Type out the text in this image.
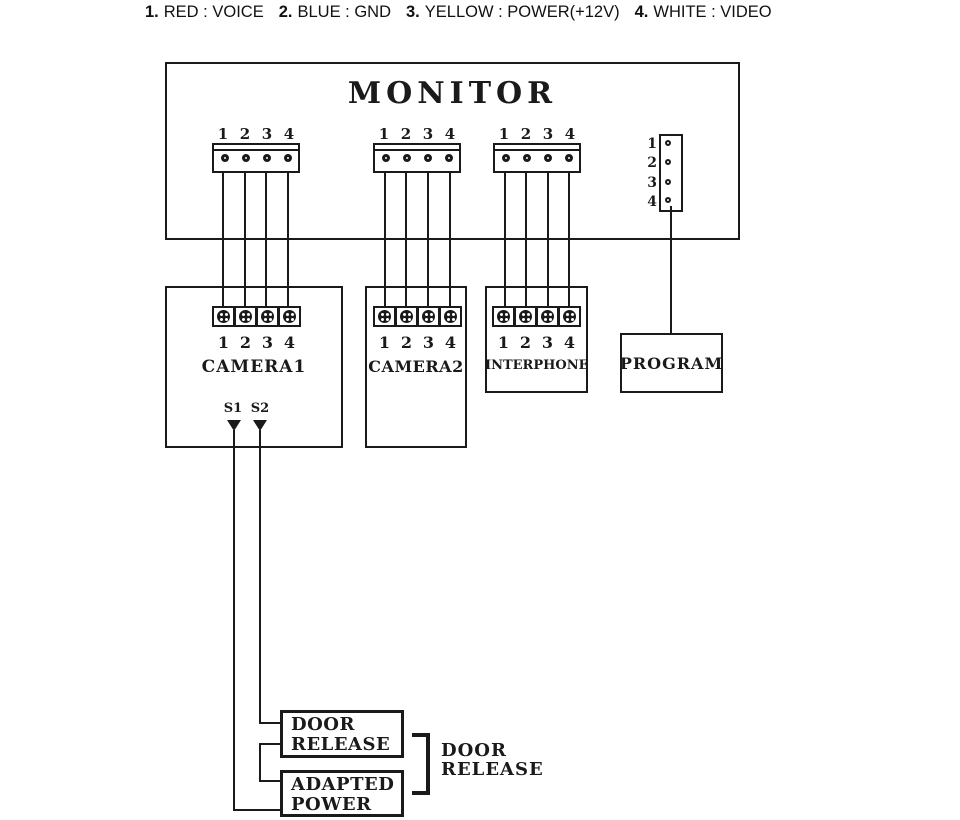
1. RED : VOICE 2. BLUE : GND 3. YELLOW : POWER(+12V) 4. WHITE : VIDEO
PROGRAM
MONITOR
1 2 3 4	1 2 3 4	1 2 3 4
1
2
3
4
1 2 3 4
CAMERA1
S1 S2
1 2 3 4
CAMERA2
1 2 3 4
INTERPHONE
DOOR
RELEASE
ADAPTED
POWER
DOOR
RELEASE
